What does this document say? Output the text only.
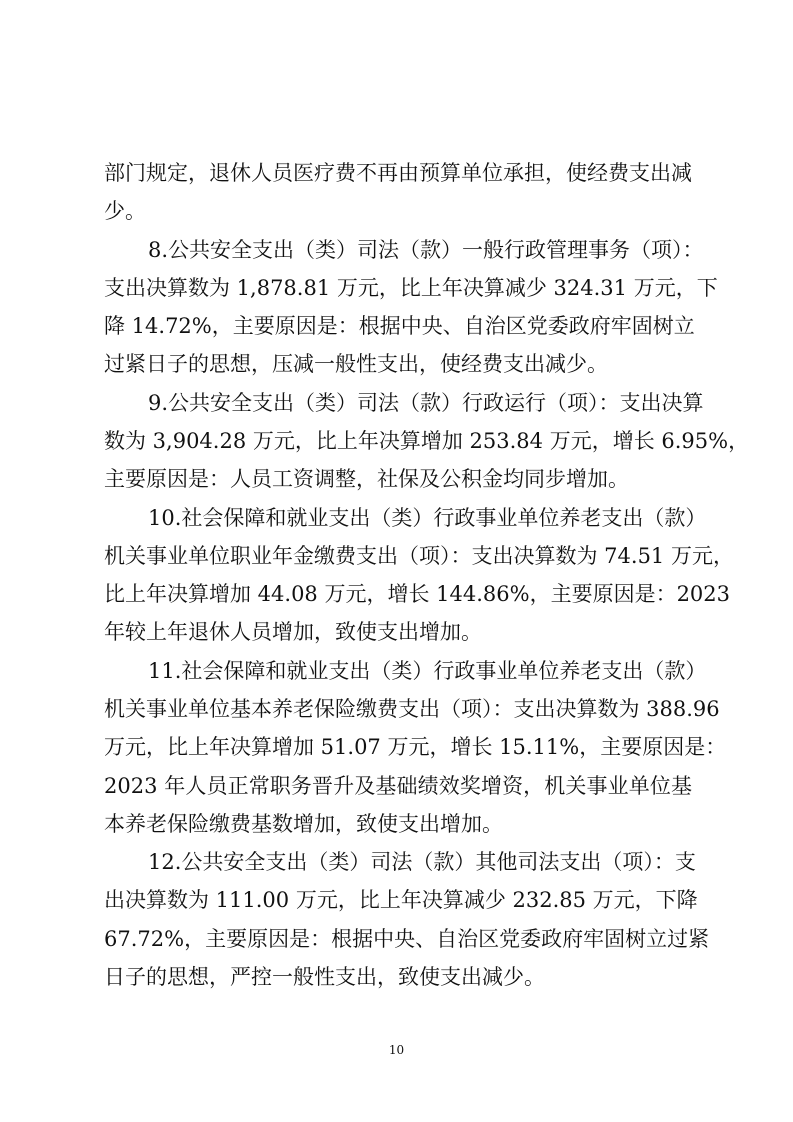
部门规定，退休人员医疗费不再由预算单位承担，使经费支出减
少。
8.公共安全支出（类）司法（款）一般行政管理事务（项）：
支出决算数为 1,878.81 万元，比上年决算减少 324.31 万元，下
降 14.72%，主要原因是：根据中央、自治区党委政府牢固树立
过紧日子的思想，压减一般性支出，使经费支出减少。
9.公共安全支出（类）司法（款）行政运行（项）：支出决算
数为 3,904.28 万元，比上年决算增加 253.84 万元，增长 6.95%，
主要原因是：人员工资调整，社保及公积金均同步增加。
10.社会保障和就业支出（类）行政事业单位养老支出（款）
机关事业单位职业年金缴费支出（项）：支出决算数为 74.51 万元，
比上年决算增加 44.08 万元，增长 144.86%，主要原因是：2023
年较上年退休人员增加，致使支出增加。
11.社会保障和就业支出（类）行政事业单位养老支出（款）
机关事业单位基本养老保险缴费支出（项）：支出决算数为 388.96
万元，比上年决算增加 51.07 万元，增长 15.11%，主要原因是：
2023 年人员正常职务晋升及基础绩效奖增资，机关事业单位基
本养老保险缴费基数增加，致使支出增加。
12.公共安全支出（类）司法（款）其他司法支出（项）：支
出决算数为 111.00 万元，比上年决算减少 232.85 万元，下降
67.72%，主要原因是：根据中央、自治区党委政府牢固树立过紧
日子的思想，严控一般性支出，致使支出减少。
10
